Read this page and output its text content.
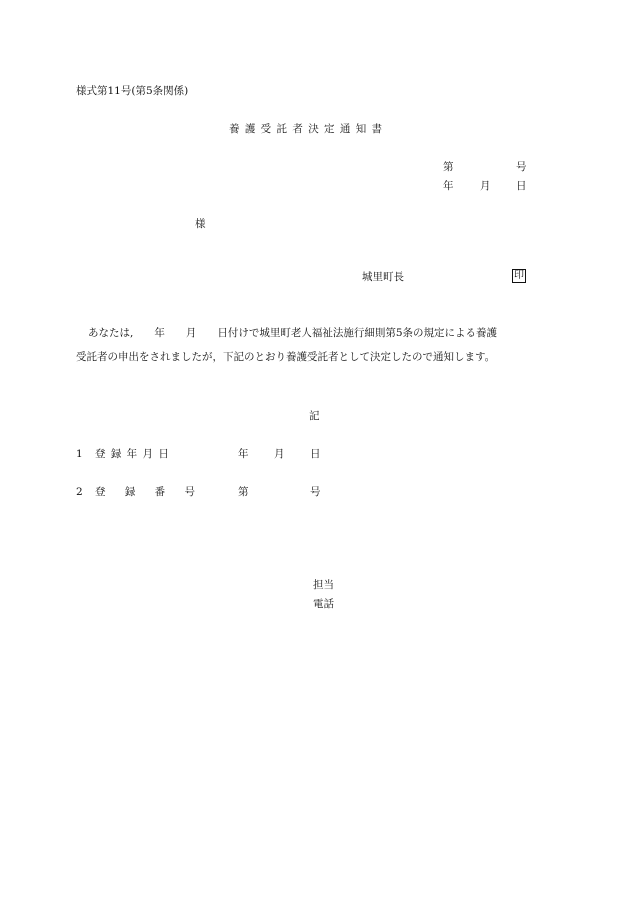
様式第11号(第5条関係)
養 護 受 託 者 決 定 通 知 書
第	号
年	月 日
様
城里町長	印
あなたは,　　年　　月　　日付けで城里町老人福祉法施行細則第5条の規定による養護
受託者の申出をされましたが，下記のとおり養護受託者として決定したので通知します。
記
1 登 録 年 月 日	年 月 日
2 登 録 番 号	第	号
担当
電話
